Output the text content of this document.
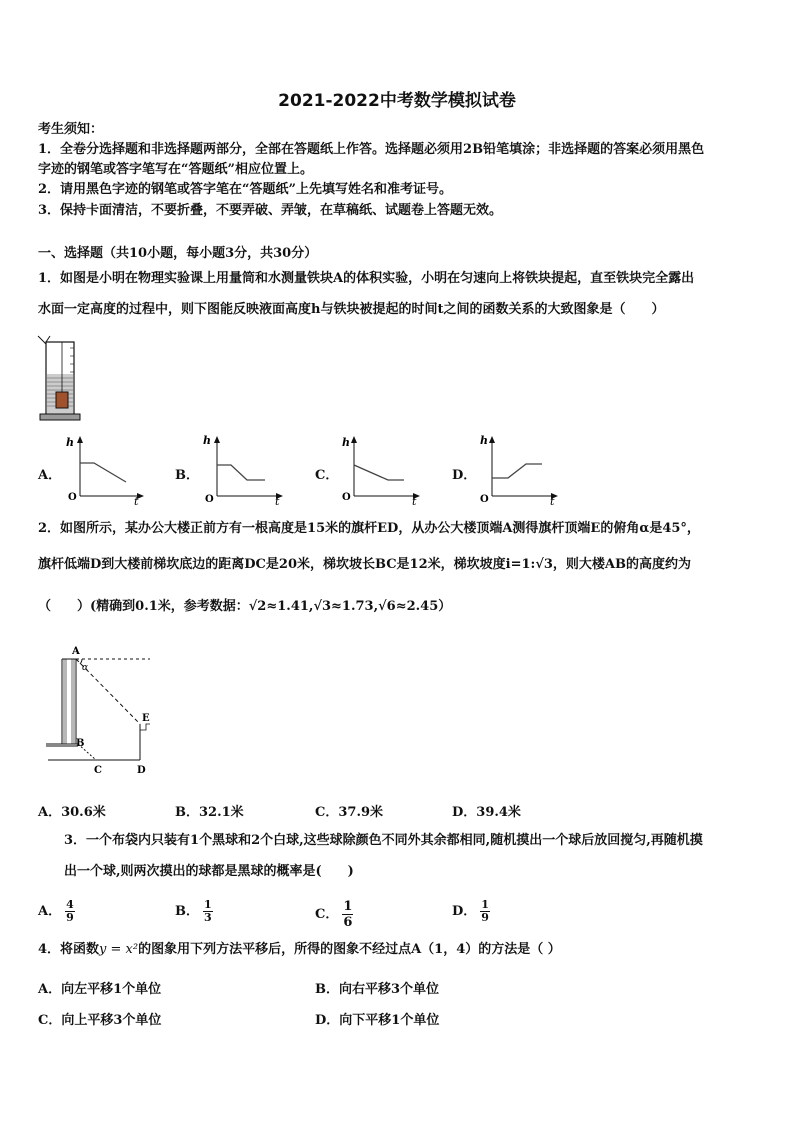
2021-2022中考数学模拟试卷
考生须知：
1．全卷分选择题和非选择题两部分，全部在答题纸上作答。选择题必须用2B铅笔填涂；非选择题的答案必须用黑色
字迹的钢笔或答字笔写在“答题纸”相应位置上。
2．请用黑色字迹的钢笔或答字笔在“答题纸”上先填写姓名和准考证号。
3．保持卡面清洁，不要折叠，不要弄破、弄皱，在草稿纸、试题卷上答题无效。
一、选择题（共10小题，每小题3分，共30分）
1．如图是小明在物理实验课上用量筒和水测量铁块A的体积实验，小明在匀速向上将铁块提起，直至铁块完全露出
水面一定高度的过程中，则下图能反映液面高度h与铁块被提起的时间t之间的函数关系的大致图象是（　　）
A．	B．	C．	D．
h
t
O
h
t
O
h
t
O
h
t
O
2．如图所示，某办公大楼正前方有一根高度是15米的旗杆ED，从办公大楼顶端A测得旗杆顶端E的俯角α是45°，
旗杆低端D到大楼前梯坎底边的距离DC是20米，梯坎坡长BC是12米，梯坎坡度i=1:√3，则大楼AB的高度约为
（　　）(精确到0.1米，参考数据：√2≈1.41,√3≈1.73,√6≈2.45）
A
α
B
C	D
E
A．30.6米	B．32.1米	C．37.9米	D．39.4米
3．一个布袋内只装有1个黑球和2个白球,这些球除颜色不同外其余都相同,随机摸出一个球后放回搅匀,再随机摸
出一个球,则两次摸出的球都是黑球的概率是(　　)
A． $\frac{4}{9}$	B． $\frac{1}{3}$	C． $\frac{1}{6}$	D． $\frac{1}{9}$
4．将函数y = x²的图象用下列方法平移后，所得的图象不经过点A（1，4）的方法是（ ）
A．向左平移1个单位	B．向右平移3个单位
C．向上平移3个单位	D．向下平移1个单位
